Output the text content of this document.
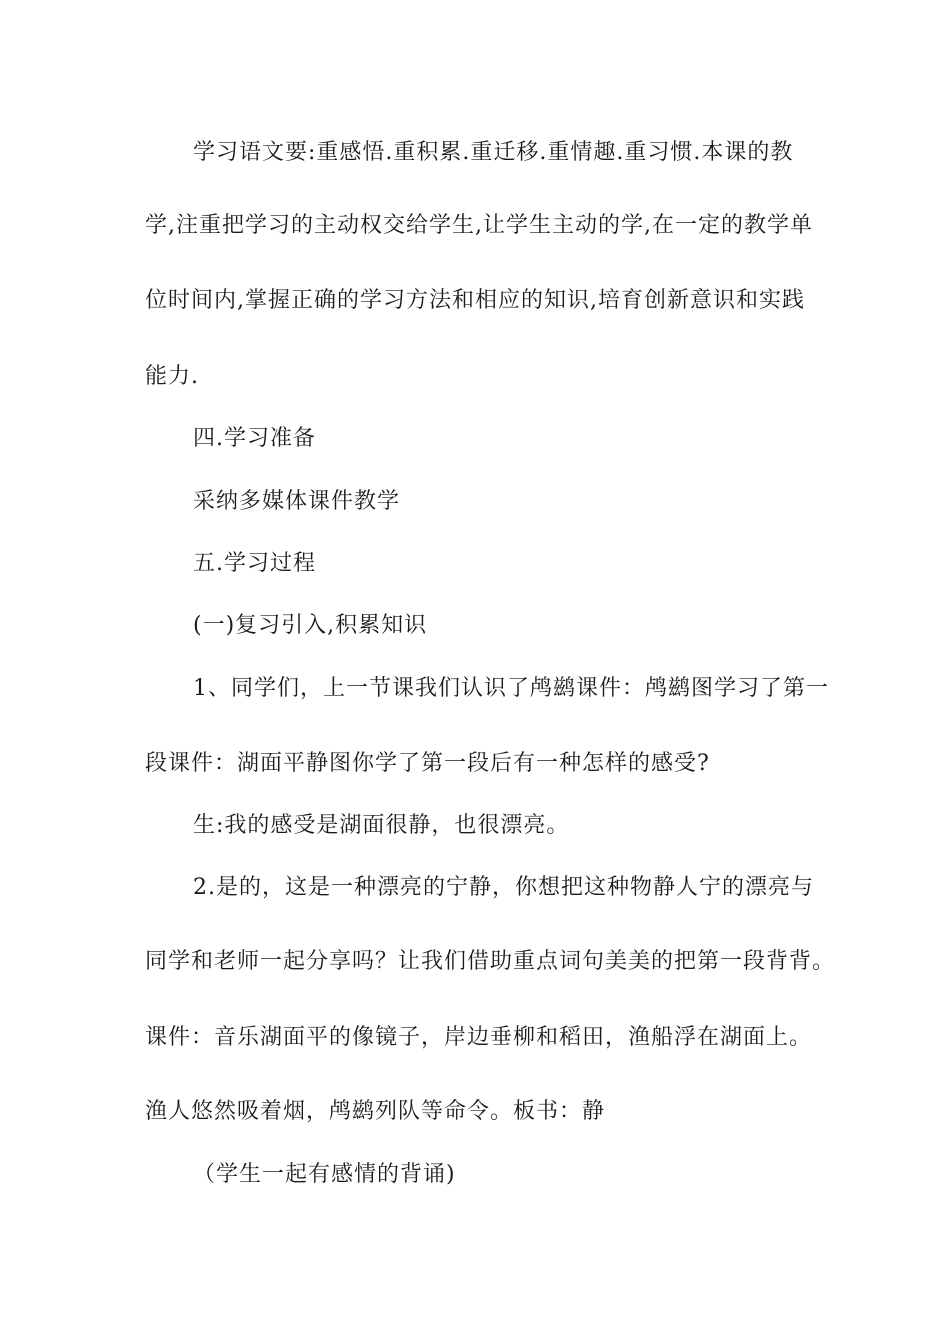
学习语文要:重感悟.重积累.重迁移.重情趣.重习惯.本课的教
学,注重把学习的主动权交给学生,让学生主动的学,在一定的教学单
位时间内,掌握正确的学习方法和相应的知识,培育创新意识和实践
能力.
四.学习准备
采纳多媒体课件教学
五.学习过程
(一)复习引入,积累知识
1、同学们，上一节课我们认识了鸬鹚课件：鸬鹚图学习了第一
段课件：湖面平静图你学了第一段后有一种怎样的感受?
生:我的感受是湖面很静，也很漂亮。
2.是的，这是一种漂亮的宁静，你想把这种物静人宁的漂亮与
同学和老师一起分享吗？让我们借助重点词句美美的把第一段背背。
课件：音乐湖面平的像镜子，岸边垂柳和稻田，渔船浮在湖面上。
渔人悠然吸着烟，鸬鹚列队等命令。板书：静
（学生一起有感情的背诵)
